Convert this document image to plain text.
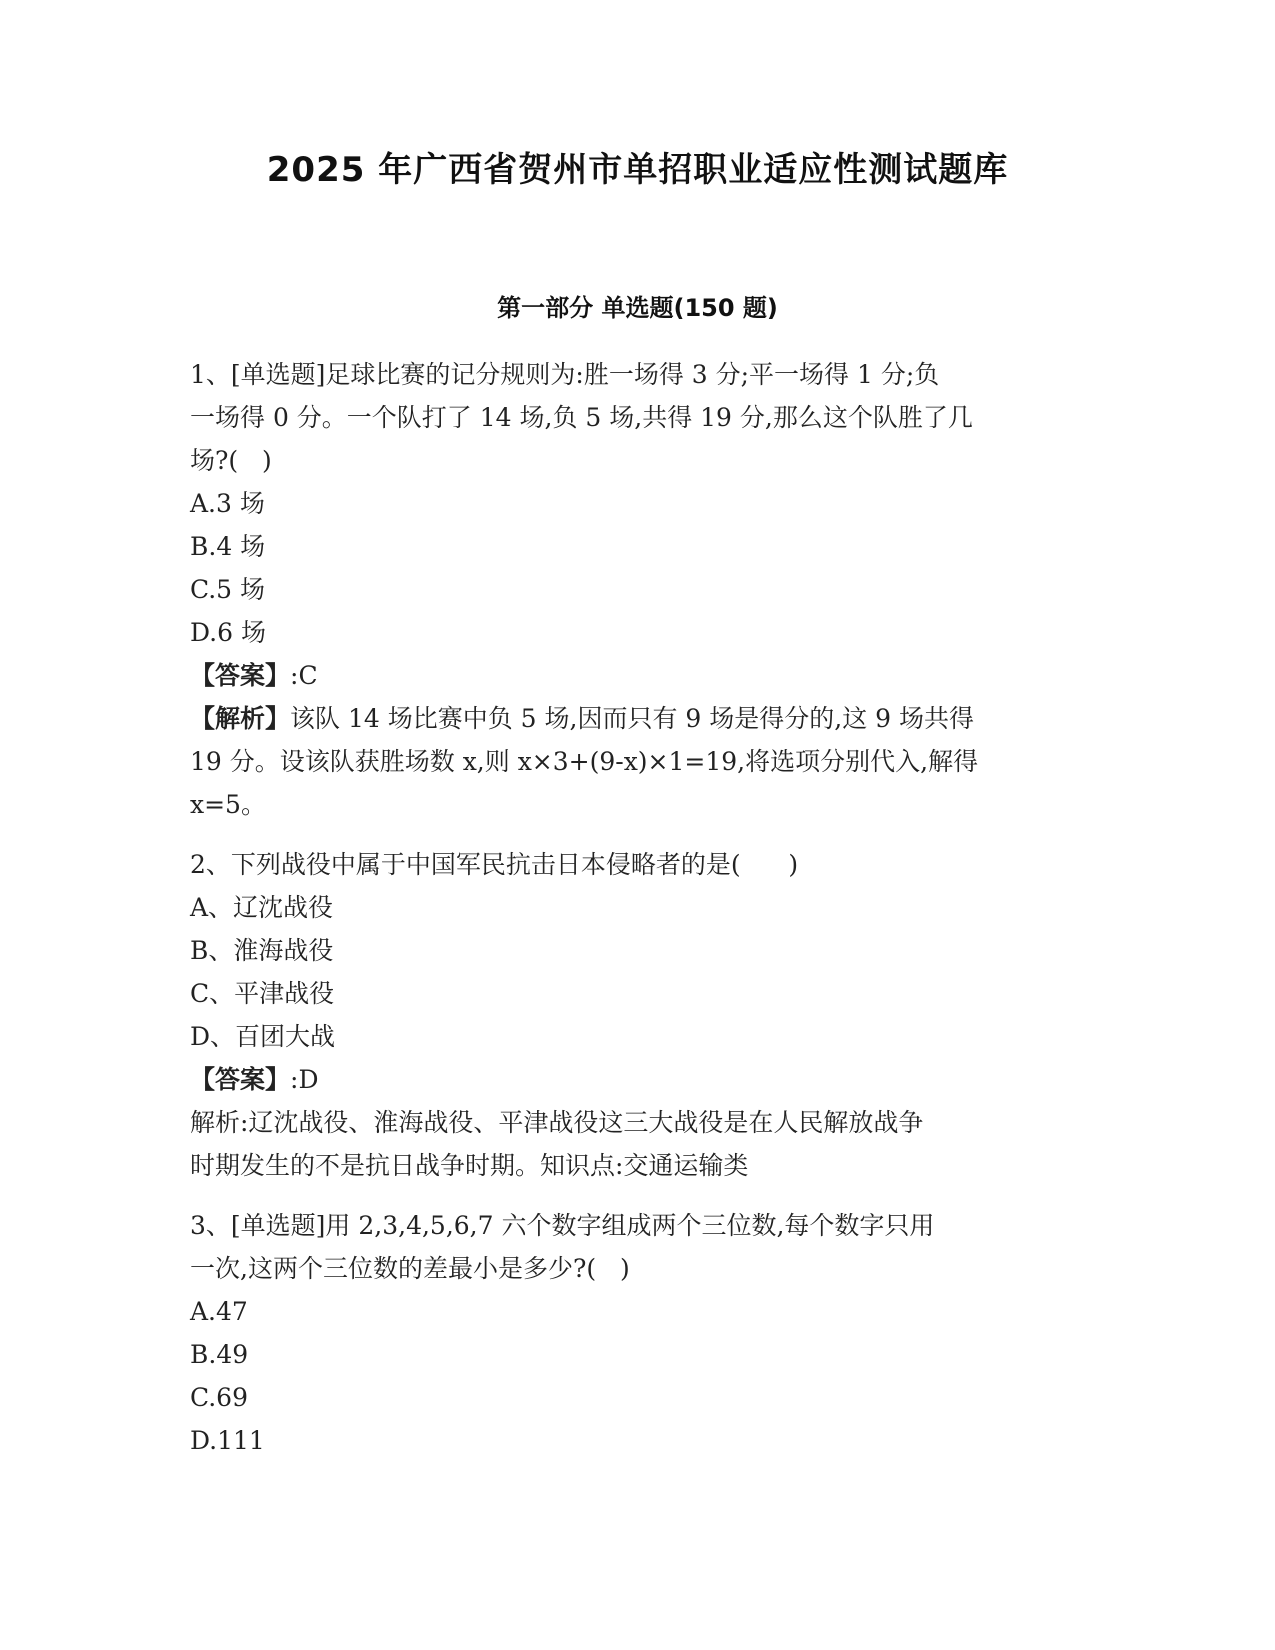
2025 年广西省贺州市单招职业适应性测试题库
第一部分 单选题(150 题)
1、[单选题]足球比赛的记分规则为:胜一场得 3 分;平一场得 1 分;负
一场得 0 分。一个队打了 14 场,负 5 场,共得 19 分,那么这个队胜了几
场?(   )
A.3 场
B.4 场
C.5 场
D.6 场
【答案】:C
【解析】该队 14 场比赛中负 5 场,因而只有 9 场是得分的,这 9 场共得
19 分。设该队获胜场数 x,则 x×3+(9-x)×1=19,将选项分别代入,解得
x=5。
2、下列战役中属于中国军民抗击日本侵略者的是(      )
A、辽沈战役
B、淮海战役
C、平津战役
D、百团大战
【答案】:D
解析:辽沈战役、淮海战役、平津战役这三大战役是在人民解放战争
时期发生的不是抗日战争时期。知识点:交通运输类
3、[单选题]用 2,3,4,5,6,7 六个数字组成两个三位数,每个数字只用
一次,这两个三位数的差最小是多少?(   )
A.47
B.49
C.69
D.111
